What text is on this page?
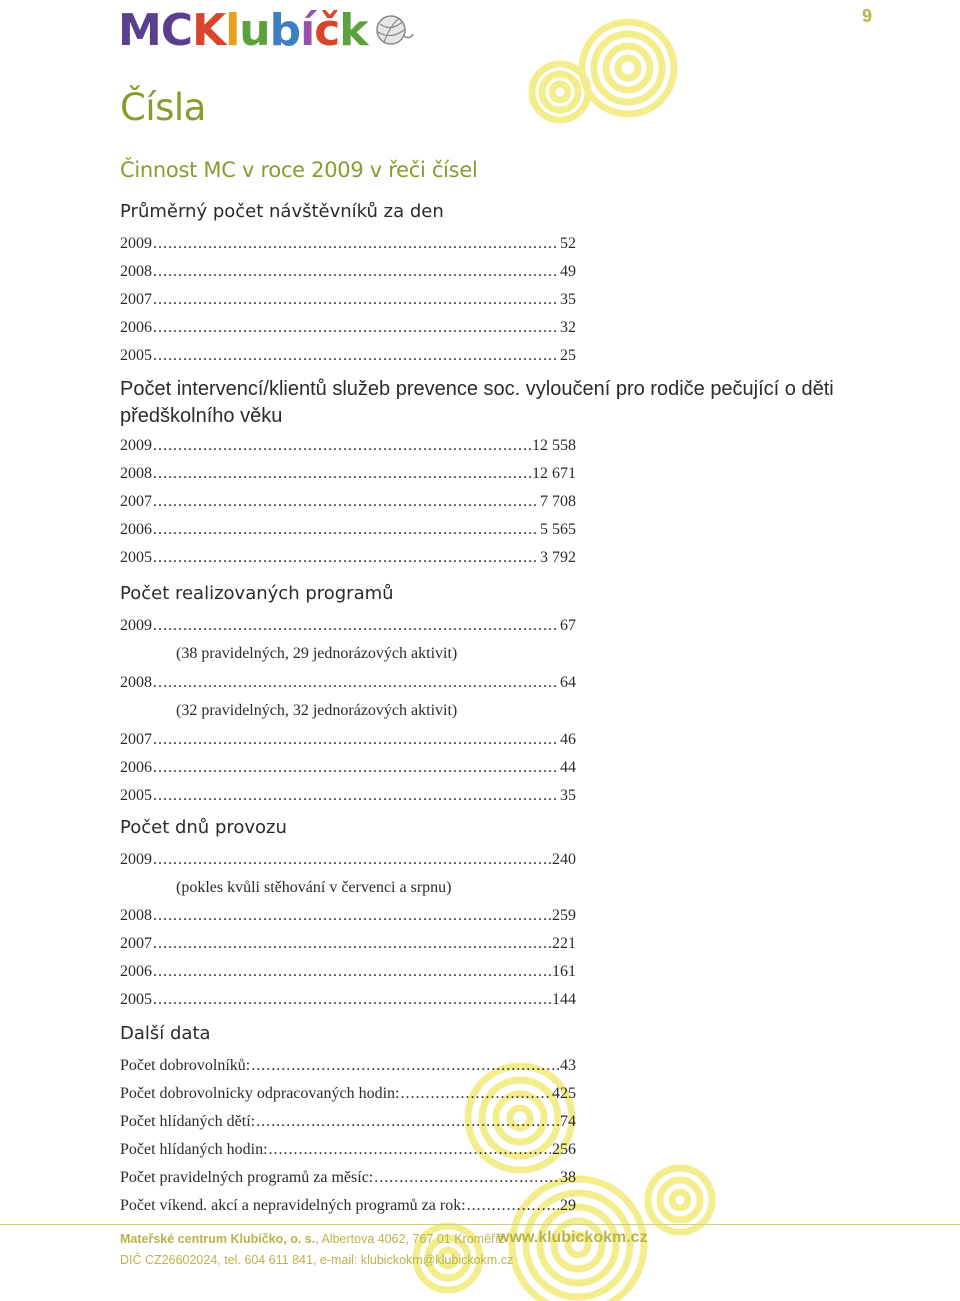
MC K l u b í č k	9
Čísla
Činnost MC v roce 2009 v řeči čísel
Průměrný počet návštěvníků za den
2009 .....	52
2008 .....	49
2007 .....	35
2006 .....	32
2005 .....	25
Počet intervencí/klientů služeb prevence soc. vyloučení pro rodiče pečující o děti předškolního věku
2009 .....	12 558
2008 .....	12 671
2007 .....	7 708
2006 .....	5 565
2005 .....	3 792
Počet realizovaných programů
2009 .....	67
(38 pravidelných, 29 jednorázových aktivit)
2008 .....	64
(32 pravidelných, 32 jednorázových aktivit)
2007 .....	46
2006 .....	44
2005 .....	35
Počet dnů provozu
2009 .....	240
(pokles kvůli stěhování v červenci a srpnu)
2008 .....	259
2007 .....	221
2006 .....	161
2005 .....	144
Další data
Počet dobrovolníků: .....	43
Počet dobrovolnicky odpracovaných hodin: .....	425
Počet hlídaných dětí: .....	74
Počet hlídaných hodin: .....	256
Počet pravidelných programů za měsíc: .....	38
Počet víkend. akcí a nepravidelných programů za rok: .....	29
Mateřské centrum Klubíčko, o. s., Albertova 4062, 767 01 Kroměříž
DIČ CZ26602024, tel. 604 611 841, e-mail: klubickokm@klubickokm.cz
www.klubickokm.cz
